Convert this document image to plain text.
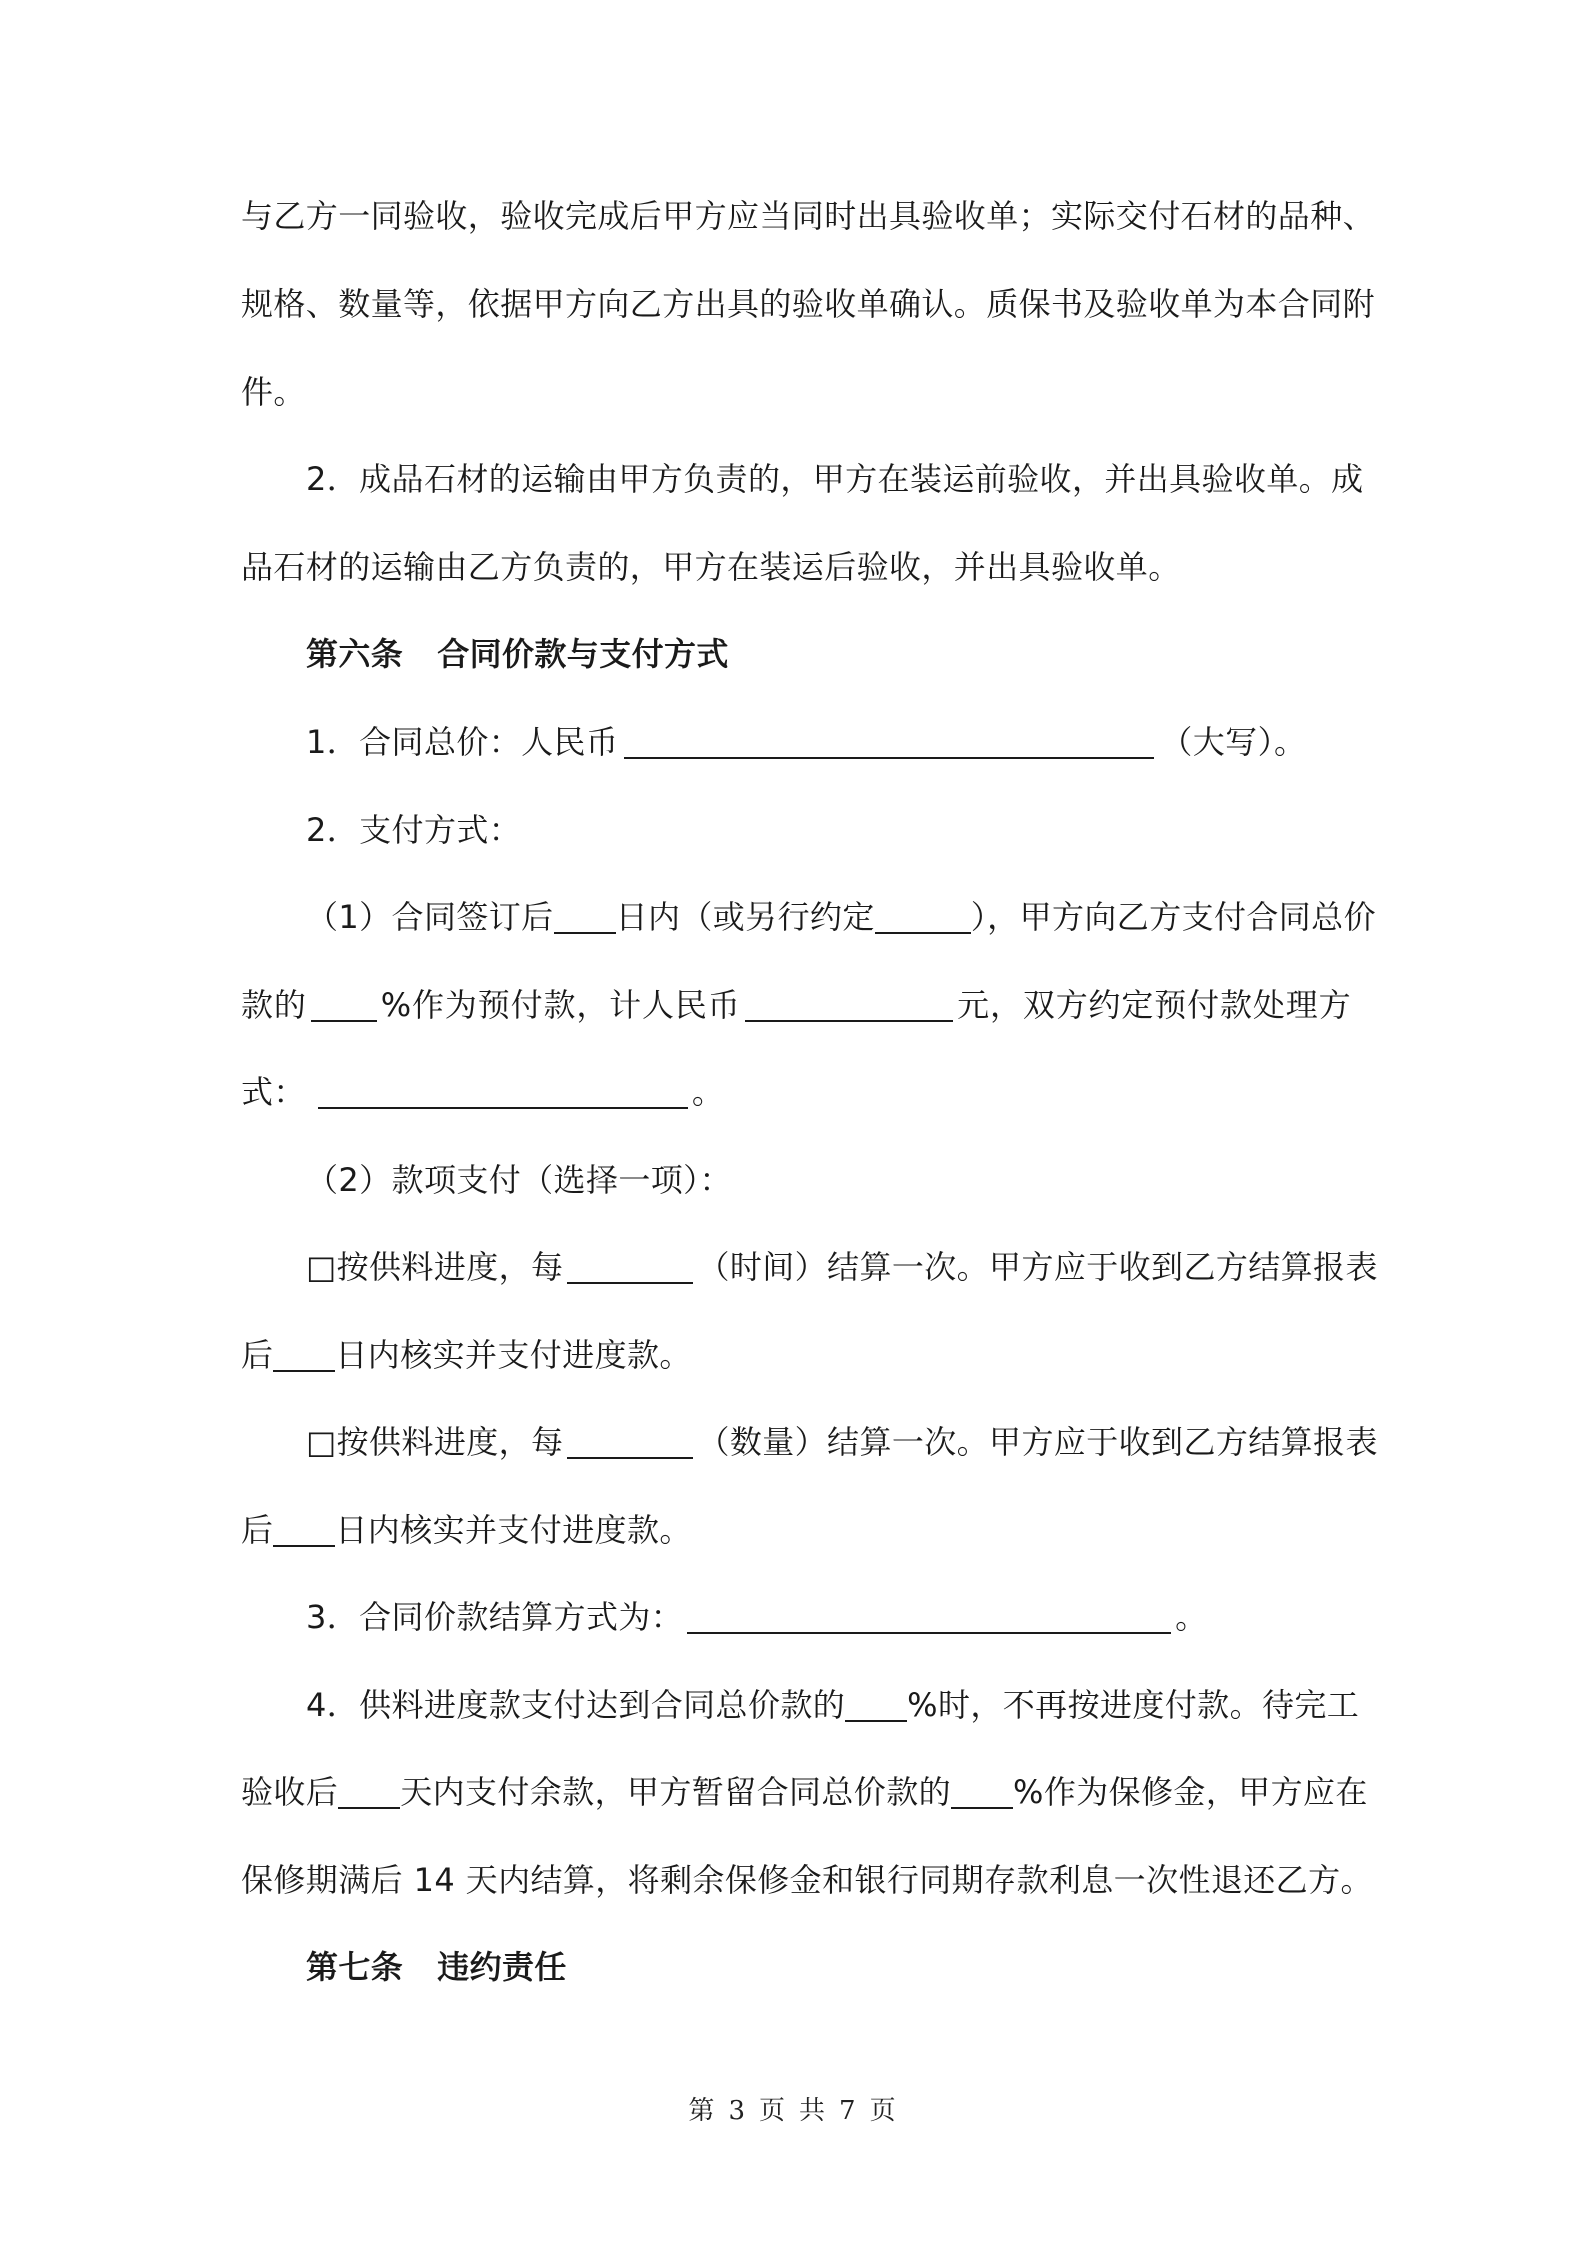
与乙方一同验收，验收完成后甲方应当同时出具验收单；实际交付石材的品种、
规格、数量等，依据甲方向乙方出具的验收单确认。质保书及验收单为本合同附
件。
2．成品石材的运输由甲方负责的，甲方在装运前验收，并出具验收单。成
品石材的运输由乙方负责的，甲方在装运后验收，并出具验收单。
第六条 合同价款与支付方式
1．合同总价：人民币	（大写）。
2．支付方式：
（1）合同签订后 日内（或另行约定	），甲方向乙方支付合同总价
款的 %作为预付款，计人民币	元，双方约定预付款处理方
式：	。
（2）款项支付（选择一项）：
□按供料进度，每	（时间）结算一次。甲方应于收到乙方结算报表
后 日内核实并支付进度款。
□按供料进度，每	（数量）结算一次。甲方应于收到乙方结算报表
后 日内核实并支付进度款。
3．合同价款结算方式为：	。
4．供料进度款支付达到合同总价款的 %时，不再按进度付款。待完工
验收后 天内支付余款，甲方暂留合同总价款的 %作为保修金，甲方应在
保修期满后 14 天内结算，将剩余保修金和银行同期存款利息一次性退还乙方。
第七条 违约责任
第 3 页 共 7 页
